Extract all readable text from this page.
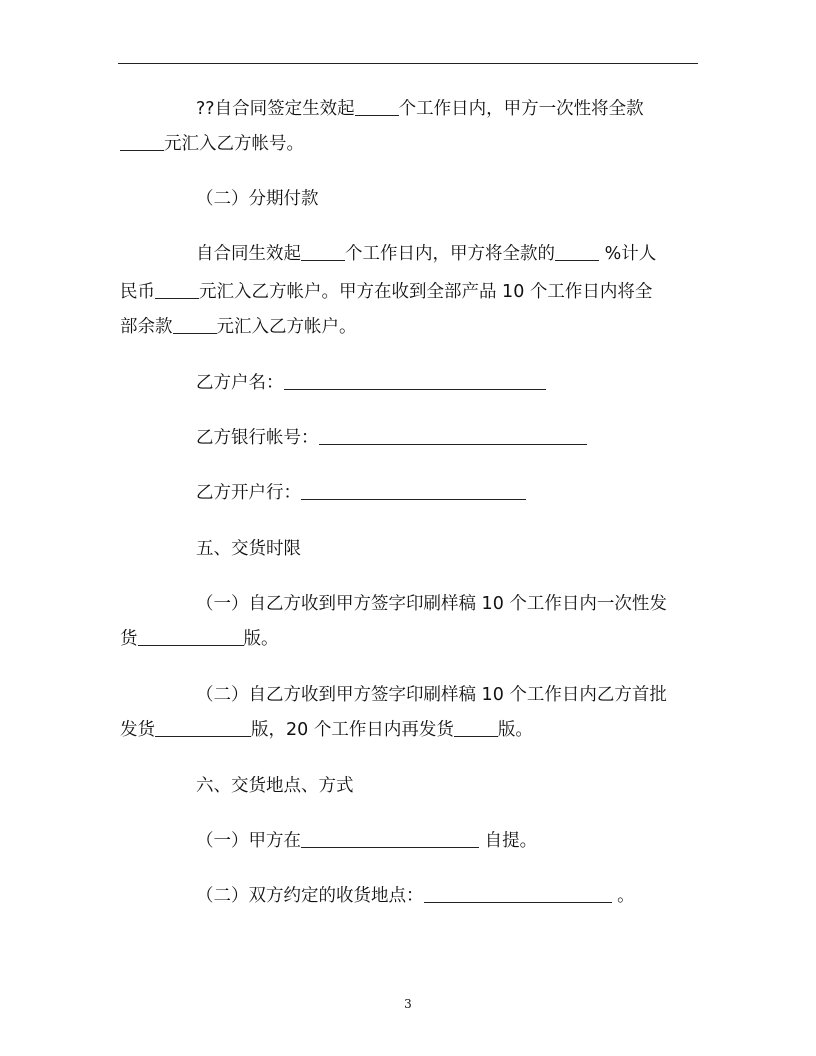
??自合同签定生效起	个工作日内，甲方一次性将全款

元汇入乙方帐号。

（二）分期付款

自合同生效起	个工作日内，甲方将全款的	%计人

民币	元汇入乙方帐户。甲方在收到全部产品 10 个工作日内将全

部余款	元汇入乙方帐户。

乙方户名：

乙方银行帐号：

乙方开户行：

五、交货时限

（一）自乙方收到甲方签字印刷样稿 10 个工作日内一次性发

货	版。

（二）自乙方收到甲方签字印刷样稿 10 个工作日内乙方首批

发货	版，20 个工作日内再发货	版。

六、交货地点、方式

（一）甲方在	自提。

（二）双方约定的收货地点：	。

3
